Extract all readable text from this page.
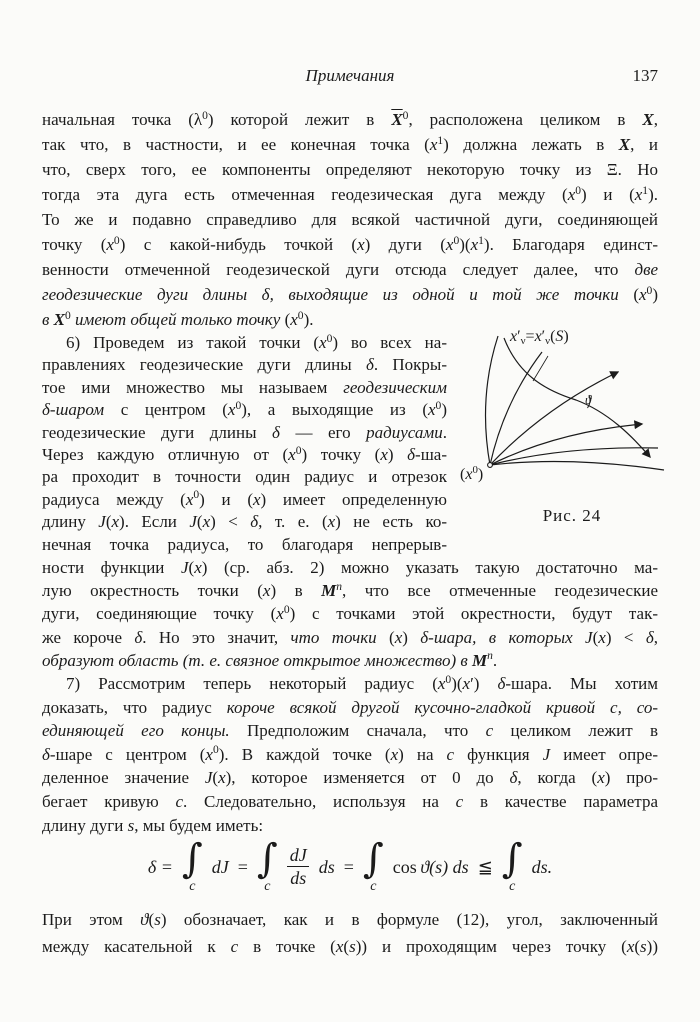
Примечания	137
начальная точка $(\lambda^0)$ которой лежит в $\overline{X}^0$, расположена целиком в X,
так что, в частности, и ее конечная точка $(x^1)$ должна лежать в X, и
что, сверх того, ее компоненты определяют некоторую точку из Ξ. Но
тогда эта дуга есть отмеченная геодезическая дуга между $(x^0)$ и $(x^1)$.
То же и подавно справедливо для всякой частичной дуги, соединяющей
точку $(x^0)$ с какой-нибудь точкой (x) дуги $(x^0)(x^1)$. Благодаря единст-
венности отмеченной геодезической дуги отсюда следует далее, что две
геодезические дуги длины δ, выходящие из одной и той же точки $(x^0)$
в $X^0$ имеют общей только точку $(x^0)$.
6) Проведем из такой точки $(x^0)$ во всех на-
правлениях геодезические дуги длины δ. Покры-
тое ими множество мы называем геодезическим
δ-шаром с центром $(x^0)$, а выходящие из $(x^0)$
геодезические дуги длины δ — его радиусами.
Через каждую отличную от $(x^0)$ точку (x) δ-ша-
ра проходит в точности один радиус и отрезок
радиуса между $(x^0)$ и (x) имеет определенную
длину J(x). Если J(x) < δ, т. е. (x) не есть ко-
нечная точка радиуса, то благодаря непрерыв-
ϑ
$x'_\nu=x'_\nu(S)$
$(x^0)$
Рис. 24
ности функции J(x) (ср. абз. 2) можно указать такую достаточно ма-
лую окрестность точки (x) в $M^n$, что все отмеченные геодезические
дуги, соединяющие точку $(x^0)$ с точками этой окрестности, будут так-
же короче δ. Но это значит, что точки (x) δ-шара, в которых J(x) < δ,
образуют область (т. е. связное открытое множество) в $M^n$.
7) Рассмотрим теперь некоторый радиус $(x^0)(x')$ δ-шара. Мы хотим
доказать, что радиус короче всякой другой кусочно-гладкой кривой c, со-
единяющей его концы. Предположим сначала, что c целиком лежит в
δ-шаре с центром $(x^0)$. В каждой точке (x) на c функция J имеет опре-
деленное значение J(x), которое изменяется от 0 до δ, когда (x) про-
бегает кривую c. Следовательно, используя на c в качестве параметра
длину дуги s, мы будем иметь:
δ = ∫
c
dJ = ∫
c $\frac{dJ}{ds}$ ds = ∫
c
cos  ϑ(s) ds ≦ ∫
c
ds.
При этом ϑ(s) обозначает, как и в формуле (12), угол, заключенный
между касательной к c в точке (x(s)) и проходящим через точку (x(s))
